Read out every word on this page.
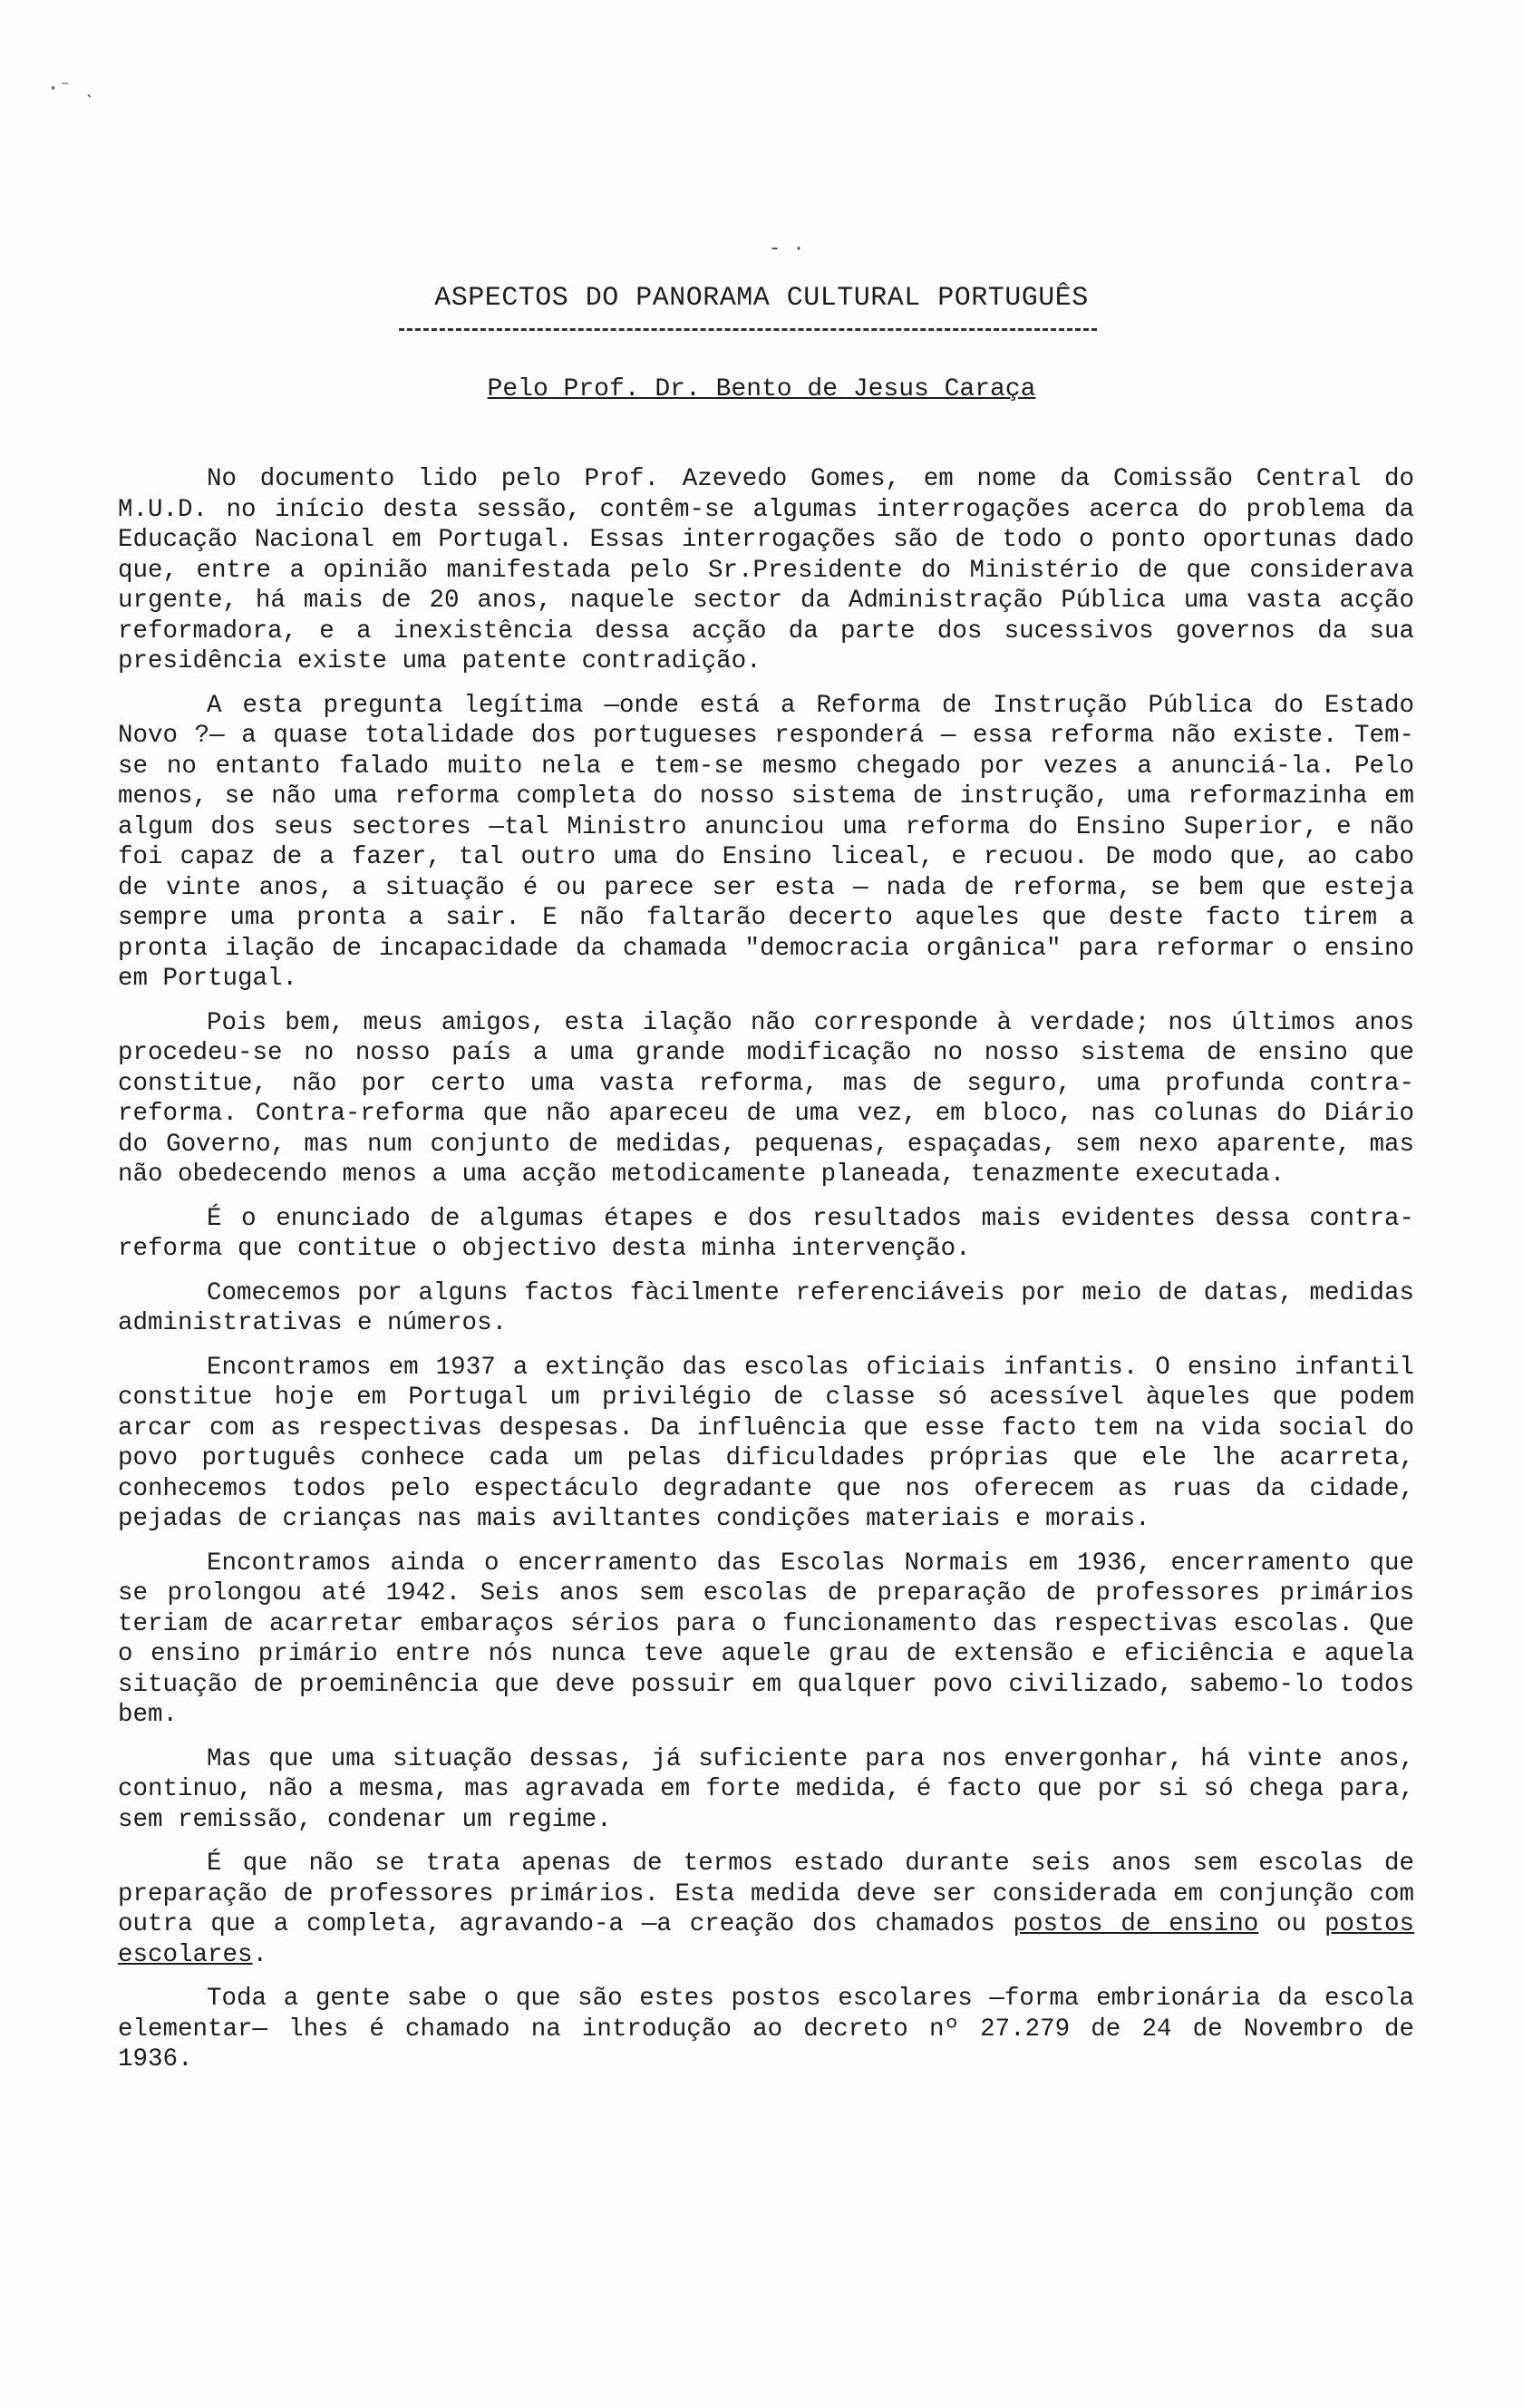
·⁻ ˎ
- ·
ASPECTOS DO PANORAMA CULTURAL PORTUGUÊS
Pelo Prof. Dr. Bento de Jesus Caraça

No documento lido pelo Prof. Azevedo Gomes, em nome da Comissão Central do M.U.D. no início desta sessão, contêm-se algumas interrogações acerca do problema da Educação Nacional em Portugal. Essas interrogações são de todo o ponto oportunas dado que, entre a opinião manifestada pelo Sr.Presidente do Ministério de que considerava urgente, há mais de 20 anos, naquele sector da Administração Pública uma vasta acção reformadora, e a inexistência dessa acção da parte dos sucessivos governos da sua presidência existe uma patente contradição.

A esta pregunta legítima —onde está a Reforma de Instrução Pública do Estado Novo ?— a quase totalidade dos portugueses responderá — essa reforma não existe. Tem-se no entanto falado muito nela e tem-se mesmo chegado por vezes a anunciá-la. Pelo menos, se não uma reforma completa do nosso sistema de instrução, uma reformazinha em algum dos seus sectores —tal Ministro anunciou uma reforma do Ensino Superior, e não foi capaz de a fazer, tal outro uma do Ensino liceal, e recuou. De modo que, ao cabo de vinte anos, a situação é ou parece ser esta — nada de reforma, se bem que esteja sempre uma pronta a sair. E não faltarão decerto aqueles que deste facto tirem a pronta ilação de incapacidade da chamada "democracia orgânica" para reformar o ensino em Portugal.

Pois bem, meus amigos, esta ilação não corresponde à verdade; nos últimos anos procedeu-se no nosso país a uma grande modificação no nosso sistema de ensino que constitue, não por certo uma vasta reforma, mas de seguro, uma profunda contra-reforma. Contra-reforma que não apareceu de uma vez, em bloco, nas colunas do Diário do Governo, mas num conjunto de medidas, pequenas, espaçadas, sem nexo aparente, mas não obedecendo menos a uma acção metodicamente planeada, tenazmente executada.

É o enunciado de algumas étapes e dos resultados mais evidentes dessa contra-reforma que contitue o objectivo desta minha intervenção.

Comecemos por alguns factos fàcilmente referenciáveis por meio de datas, medidas administrativas e números.

Encontramos em 1937 a extinção das escolas oficiais infantis. O ensino infantil constitue hoje em Portugal um privilégio de classe só acessível àqueles que podem arcar com as respectivas despesas. Da influência que esse facto tem na vida social do povo português conhece cada um pelas dificuldades próprias que ele lhe acarreta, conhecemos todos pelo espectáculo degradante que nos oferecem as ruas da cidade, pejadas de crianças nas mais aviltantes condições materiais e morais.

Encontramos ainda o encerramento das Escolas Normais em 1936, encerramento que se prolongou até 1942. Seis anos sem escolas de preparação de professores primários teriam de acarretar embaraços sérios para o funcionamento das respectivas escolas. Que o ensino primário entre nós nunca teve aquele grau de extensão e eficiência e aquela situação de proeminência que deve possuir em qualquer povo civilizado, sabemo-lo todos bem.

Mas que uma situação dessas, já suficiente para nos envergonhar, há vinte anos, continuo, não a mesma, mas agravada em forte medida, é facto que por si só chega para, sem remissão, condenar um regime.

É que não se trata apenas de termos estado durante seis anos sem escolas de preparação de professores primários. Esta medida deve ser considerada em conjunção com outra que a completa, agravando-a —a creação dos chamados postos de ensino ou postos escolares.

Toda a gente sabe o que são estes postos escolares —forma embrionária da escola elementar— lhes é chamado na introdução ao decreto nº 27.279 de 24 de Novembro de 1936.
